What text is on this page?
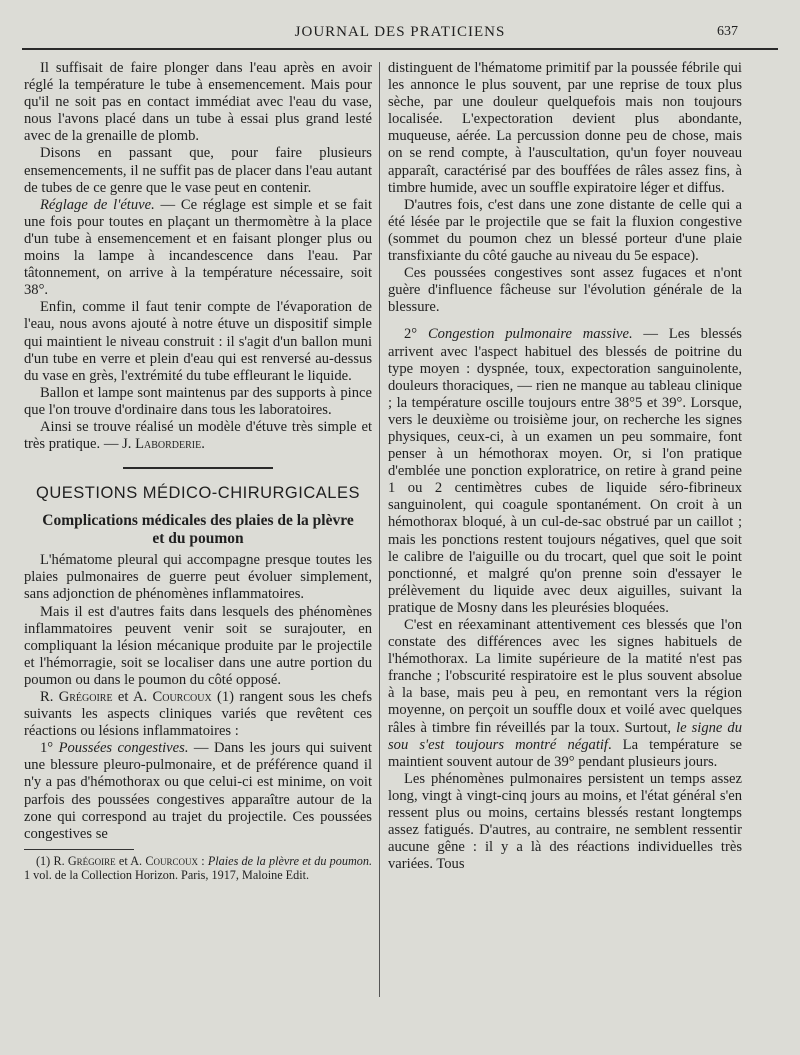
JOURNAL DES PRATICIENS	637

Il suffisait de faire plonger dans l'eau après en avoir réglé la température le tube à ensemencement. Mais pour qu'il ne soit pas en contact immédiat avec l'eau du vase, nous l'avons placé dans un tube à essai plus grand lesté avec de la grenaille de plomb.

Disons en passant que, pour faire plusieurs ensemencements, il ne suffit pas de placer dans l'eau autant de tubes de ce genre que le vase peut en contenir.

Réglage de l'étuve. — Ce réglage est simple et se fait une fois pour toutes en plaçant un thermomètre à la place d'un tube à ensemencement et en faisant plonger plus ou moins la lampe à incandescence dans l'eau. Par tâtonnement, on arrive à la température nécessaire, soit 38°.

Enfin, comme il faut tenir compte de l'évaporation de l'eau, nous avons ajouté à notre étuve un dispositif simple qui maintient le niveau construit : il s'agit d'un ballon muni d'un tube en verre et plein d'eau qui est renversé au-dessus du vase en grès, l'extrémité du tube effleurant le liquide.

Ballon et lampe sont maintenus par des supports à pince que l'on trouve d'ordinaire dans tous les laboratoires.

Ainsi se trouve réalisé un modèle d'étuve très simple et très pratique. — J. Laborderie.

QUESTIONS MÉDICO-CHIRURGICALES
Complications médicales des plaies de la plèvre
et du poumon

L'hématome pleural qui accompagne presque toutes les plaies pulmonaires de guerre peut évoluer simplement, sans adjonction de phénomènes inflammatoires.

Mais il est d'autres faits dans lesquels des phénomènes inflammatoires peuvent venir soit se surajouter, en compliquant la lésion mécanique produite par le projectile et l'hémorragie, soit se localiser dans une autre portion du poumon ou dans le poumon du côté opposé.

R. Grégoire et A. Courcoux (1) rangent sous les chefs suivants les aspects cliniques variés que revêtent ces réactions ou lésions inflammatoires :

1° Poussées congestives. — Dans les jours qui suivent une blessure pleuro-pulmonaire, et de préférence quand il n'y a pas d'hémothorax ou que celui-ci est minime, on voit parfois des poussées congestives apparaître autour de la zone qui correspond au trajet du projectile. Ces poussées congestives se

(1) R. Grégoire et A. Courcoux : Plaies de la plèvre et du poumon. 1 vol. de la Collection Horizon. Paris, 1917, Maloine Edit.

distinguent de l'hématome primitif par la poussée fébrile qui les annonce le plus souvent, par une reprise de toux plus sèche, par une douleur quelquefois mais non toujours localisée. L'expectoration devient plus abondante, muqueuse, aérée. La percussion donne peu de chose, mais on se rend compte, à l'auscultation, qu'un foyer nouveau apparaît, caractérisé par des bouffées de râles assez fins, à timbre humide, avec un souffle expiratoire léger et diffus.

D'autres fois, c'est dans une zone distante de celle qui a été lésée par le projectile que se fait la fluxion congestive (sommet du poumon chez un blessé porteur d'une plaie transfixiante du côté gauche au niveau du 5e espace).

Ces poussées congestives sont assez fugaces et n'ont guère d'influence fâcheuse sur l'évolution générale de la blessure.

2° Congestion pulmonaire massive. — Les blessés arrivent avec l'aspect habituel des blessés de poitrine du type moyen : dyspnée, toux, expectoration sanguinolente, douleurs thoraciques, — rien ne manque au tableau clinique ; la température oscille toujours entre 38°5 et 39°. Lorsque, vers le deuxième ou troisième jour, on recherche les signes physiques, ceux-ci, à un examen un peu sommaire, font penser à un hémothorax moyen. Or, si l'on pratique d'emblée une ponction exploratrice, on retire à grand peine 1 ou 2 centimètres cubes de liquide séro-fibrineux sanguinolent, qui coagule spontanément. On croit à un hémothorax bloqué, à un cul-de-sac obstrué par un caillot ; mais les ponctions restent toujours négatives, quel que soit le calibre de l'aiguille ou du trocart, quel que soit le point ponctionné, et malgré qu'on prenne soin d'essayer le prélèvement du liquide avec deux aiguilles, suivant la pratique de Mosny dans les pleurésies bloquées.

C'est en réexaminant attentivement ces blessés que l'on constate des différences avec les signes habituels de l'hémothorax. La limite supérieure de la matité n'est pas franche ; l'obscurité respiratoire est le plus souvent absolue à la base, mais peu à peu, en remontant vers la région moyenne, on perçoit un souffle doux et voilé avec quelques râles à timbre fin réveillés par la toux. Surtout, le signe du sou s'est toujours montré négatif. La température se maintient souvent autour de 39° pendant plusieurs jours.

Les phénomènes pulmonaires persistent un temps assez long, vingt à vingt-cinq jours au moins, et l'état général s'en ressent plus ou moins, certains blessés restant longtemps assez fatigués. D'autres, au contraire, ne semblent ressentir aucune gêne : il y a là des réactions individuelles très variées. Tous
